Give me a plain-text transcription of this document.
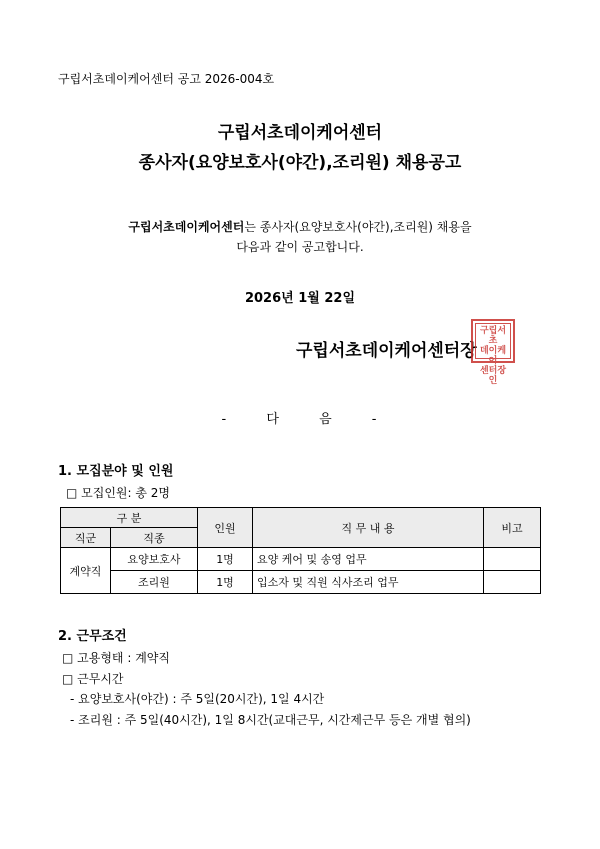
구립서초데이케어센터 공고 2026-004호
구립서초데이케어센터
종사자(요양보호사(야간),조리원) 채용공고
구립서초데이케어센터는 종사자(요양보호사(야간),조리원) 채용을
다음과 같이 공고합니다.
2026년 1월 22일
구립서초데이케어센터장
구립서초
데이케어
센터장인
-	다	음	-
1. 모집분야 및 인원
□ 모집인원: 총 2명
구 분		인원	직 무 내 용	비고
직군	직종			
계약직	요양보호사	1명	요양 케어 및 송영 업무	
	조리원	1명	입소자 및 직원 식사조리 업무	
2. 근무조건
□ 고용형태 : 계약직
□ 근무시간
- 요양보호사(야간) : 주 5일(20시간), 1일 4시간
- 조리원 : 주 5일(40시간), 1일 8시간(교대근무, 시간제근무 등은 개별 협의)
